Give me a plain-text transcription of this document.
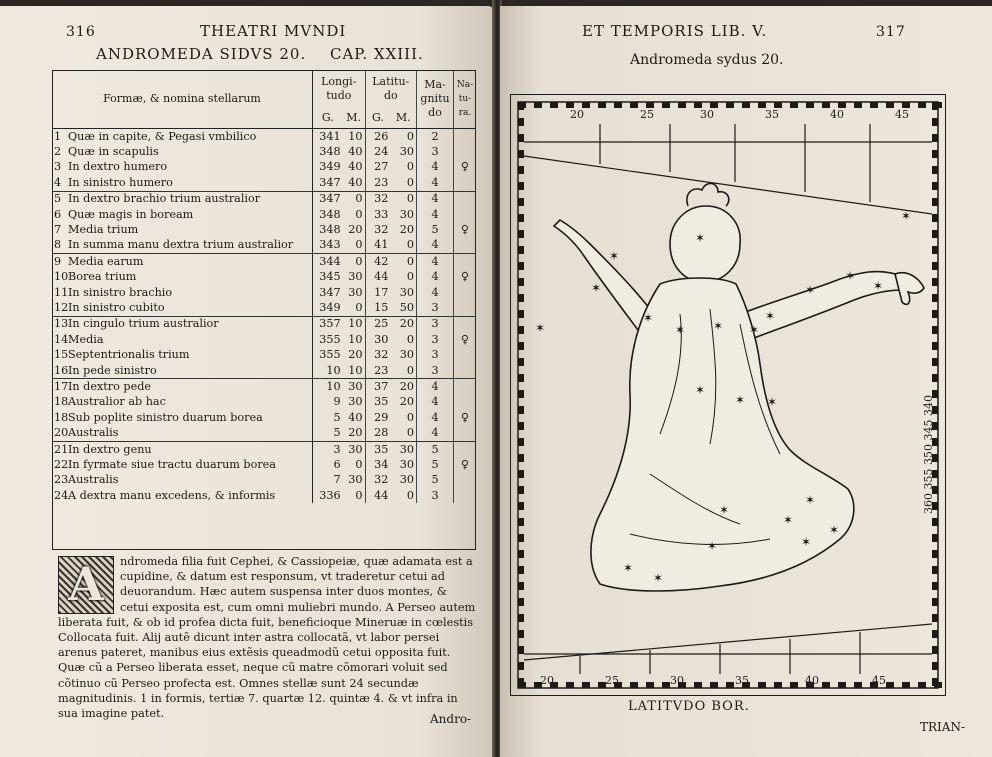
316	THEATRI MVNDI
ANDROMEDA SIDVS 20. CAP. XXIII.
Formæ, & nomina stellarum	Longi-tudo		Latitu-do		Ma-gnitu do	Na-tu-ra.
	G.	M.	G.	M.		
1 Quæ in capite, & Pegasi vmbilico	341	10	26	0	2	
2 Quæ in scapulis	348	40	24	30	3	
3 In dextro humero	349	40	27	0	4	♀
4 In sinistro humero	347	40	23	0	4	
5 In dextro brachio trium australior	347	0	32	0	4	
6 Quæ magis in boream	348	0	33	30	4	
7 Media trium	348	20	32	20	5	♀
8 In summa manu dextra trium australior	343	0	41	0	4	
9 Media earum	344	0	42	0	4	
10Borea trium	345	30	44	0	4	♀
11In sinistro brachio	347	30	17	30	4	
12In sinistro cubito	349	0	15	50	3	
13In cingulo trium australior	357	10	25	20	3	
14Media	355	10	30	0	3	♀
15Septentrionalis trium	355	20	32	30	3	
16In pede sinistro	10	10	23	0	3	
17In dextro pede	10	30	37	20	4	
18Australior ab hac	9	30	35	20	4	
18Sub poplite sinistro duarum borea	5	40	29	0	4	♀
20Australis	5	20	28	0	4	
21In dextro genu	3	30	35	30	5	
22In fyrmate siue tractu duarum borea	6	0	34	30	5	♀
23Australis	7	30	32	30	5	
24A dextra manu excedens, & informis	336	0	44	0	3	
A	ndromeda filia fuit Cephei, & Cassiopeiæ, quæ adamata est a cupidine, & datum est responsum, vt traderetur cetui ad deuorandum. Hæc autem suspensa inter duos montes, & cetui exposita est, cum omni muliebri mundo. A Perseo autem liberata fuit, & ob id profea dicta fuit, beneficioque Mineruæ in cœlestis Collocata fuit. Alij autẽ dicunt inter astra collocatã, vt labor persei arenus pateret, manibus eius extẽsis queadmodũ cetui opposita fuit. Quæ cũ a Perseo liberata esset, neque cũ matre cõmorari voluit sed cõtinuo cũ Perseo profecta est. Omnes stellæ sunt 24 secundæ magnitudinis. 1 in formis, tertiæ 7. quartæ 12. quintæ 4. & vt infra in sua imagine patet.	Andro-
ET TEMPORIS LIB. V.	317
Andromeda sydus 20.
20	25	30	35	40	45
20	25	30	35	40	45
360 355 350 345 340
✶
✶
✶ ✶ ✶
✶
✶
✶
✶
✶
✶
✶
✶ ✶
✶
✶
✶
✶
✶
✶
✶
✶
✶
✶
LATITVDO BOR.
TRIAN-
